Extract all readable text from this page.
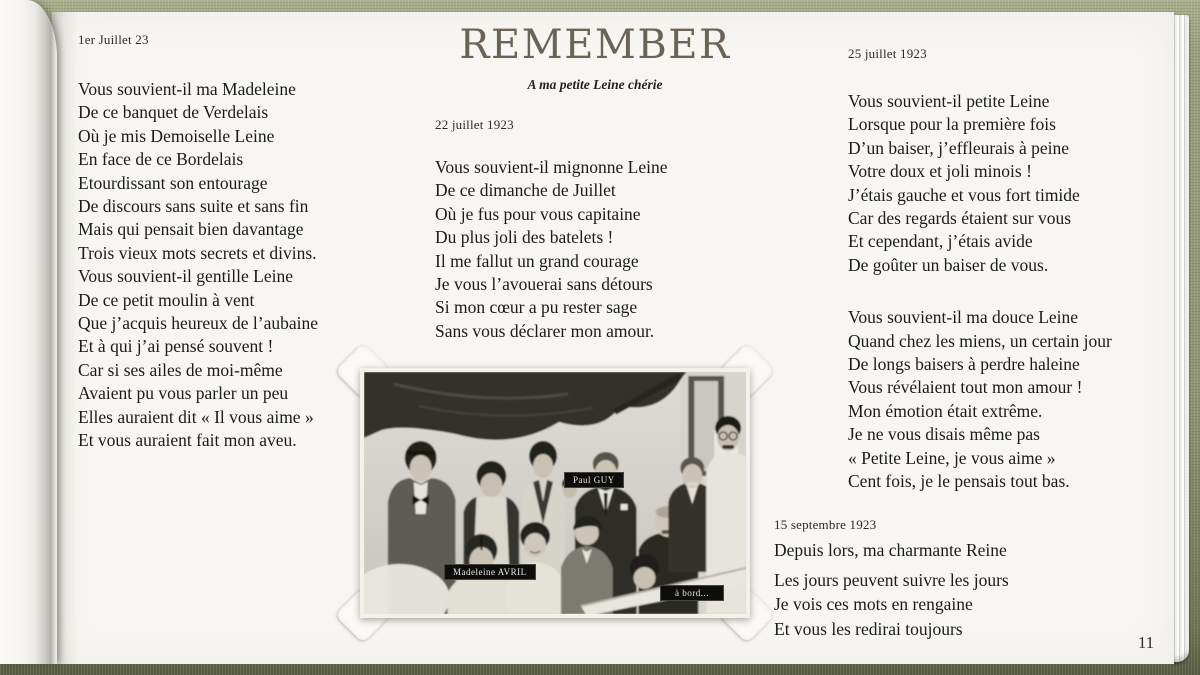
REMEMBER
A ma petite Leine chérie
1er Juillet 23
Vous souvient-il ma Madeleine
De ce banquet de Verdelais
Où je mis Demoiselle Leine
En face de ce Bordelais
Etourdissant son entourage
De discours sans suite et sans fin
Mais qui pensait bien davantage
Trois vieux mots secrets et divins.
Vous souvient-il gentille Leine
De ce petit moulin à vent
Que j’acquis heureux de l’aubaine
Et à qui j’ai pensé souvent !
Car si ses ailes de moi-même
Avaient pu vous parler un peu
Elles auraient dit « Il vous aime »
Et vous auraient fait mon aveu.
22 juillet 1923
Vous souvient-il mignonne Leine
De ce dimanche de Juillet
Où je fus pour vous capitaine
Du plus joli des batelets !
Il me fallut un grand courage
Je vous l’avouerai sans détours
Si mon cœur a pu rester sage
Sans vous déclarer mon amour.
25 juillet 1923
Vous souvient-il petite Leine
Lorsque pour la première fois
D’un baiser, j’effleurais à peine
Votre doux et joli minois !
J’étais gauche et vous fort timide
Car des regards étaient sur vous
Et cependant, j’étais avide
De goûter un baiser de vous.
Vous souvient-il ma douce Leine
Quand chez les miens, un certain jour
De longs baisers à perdre haleine
Vous révélaient tout mon amour !
Mon émotion était extrême.
Je ne vous disais même pas
« Petite Leine, je vous aime »
Cent fois, je le pensais tout bas.
15 septembre 1923
Depuis lors, ma charmante Reine
Les jours peuvent suivre les jours
Je vois ces mots en rengaine
Et vous les redirai toujours
Paul GUY
Madeleine AVRIL
à bord...
11
